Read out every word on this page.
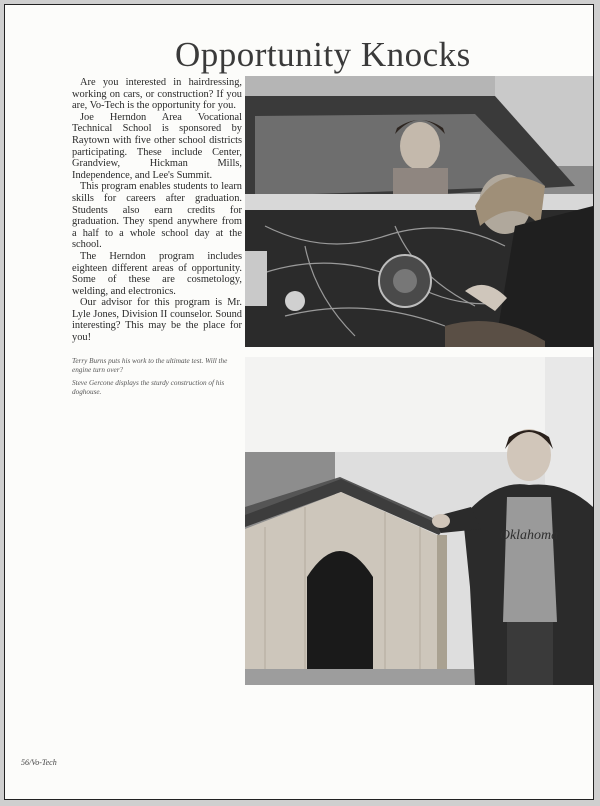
Opportunity Knocks

Are you interested in hairdressing, working on cars, or construction? If you are, Vo-Tech is the opportunity for you.

Joe Herndon Area Vocational Technical School is sponsored by Raytown with five other school districts participating. These include Center, Grandview, Hickman Mills, Independence, and Lee's Summit.

This program enables students to learn skills for careers after graduation. Students also earn credits for graduation. They spend anywhere from a half to a whole school day at the school.

The Herndon program includes eighteen different areas of opportunity. Some of these are cosmetology, welding, and electronics.

Our advisor for this program is Mr. Lyle Jones, Division II counselor. Sound interesting? This may be the place for you!

Terry Burns puts his work to the ultimate test. Will the engine turn over?

Steve Gercone displays the sturdy construction of his doghouse.

Oklahoma
56/Vo-Tech
